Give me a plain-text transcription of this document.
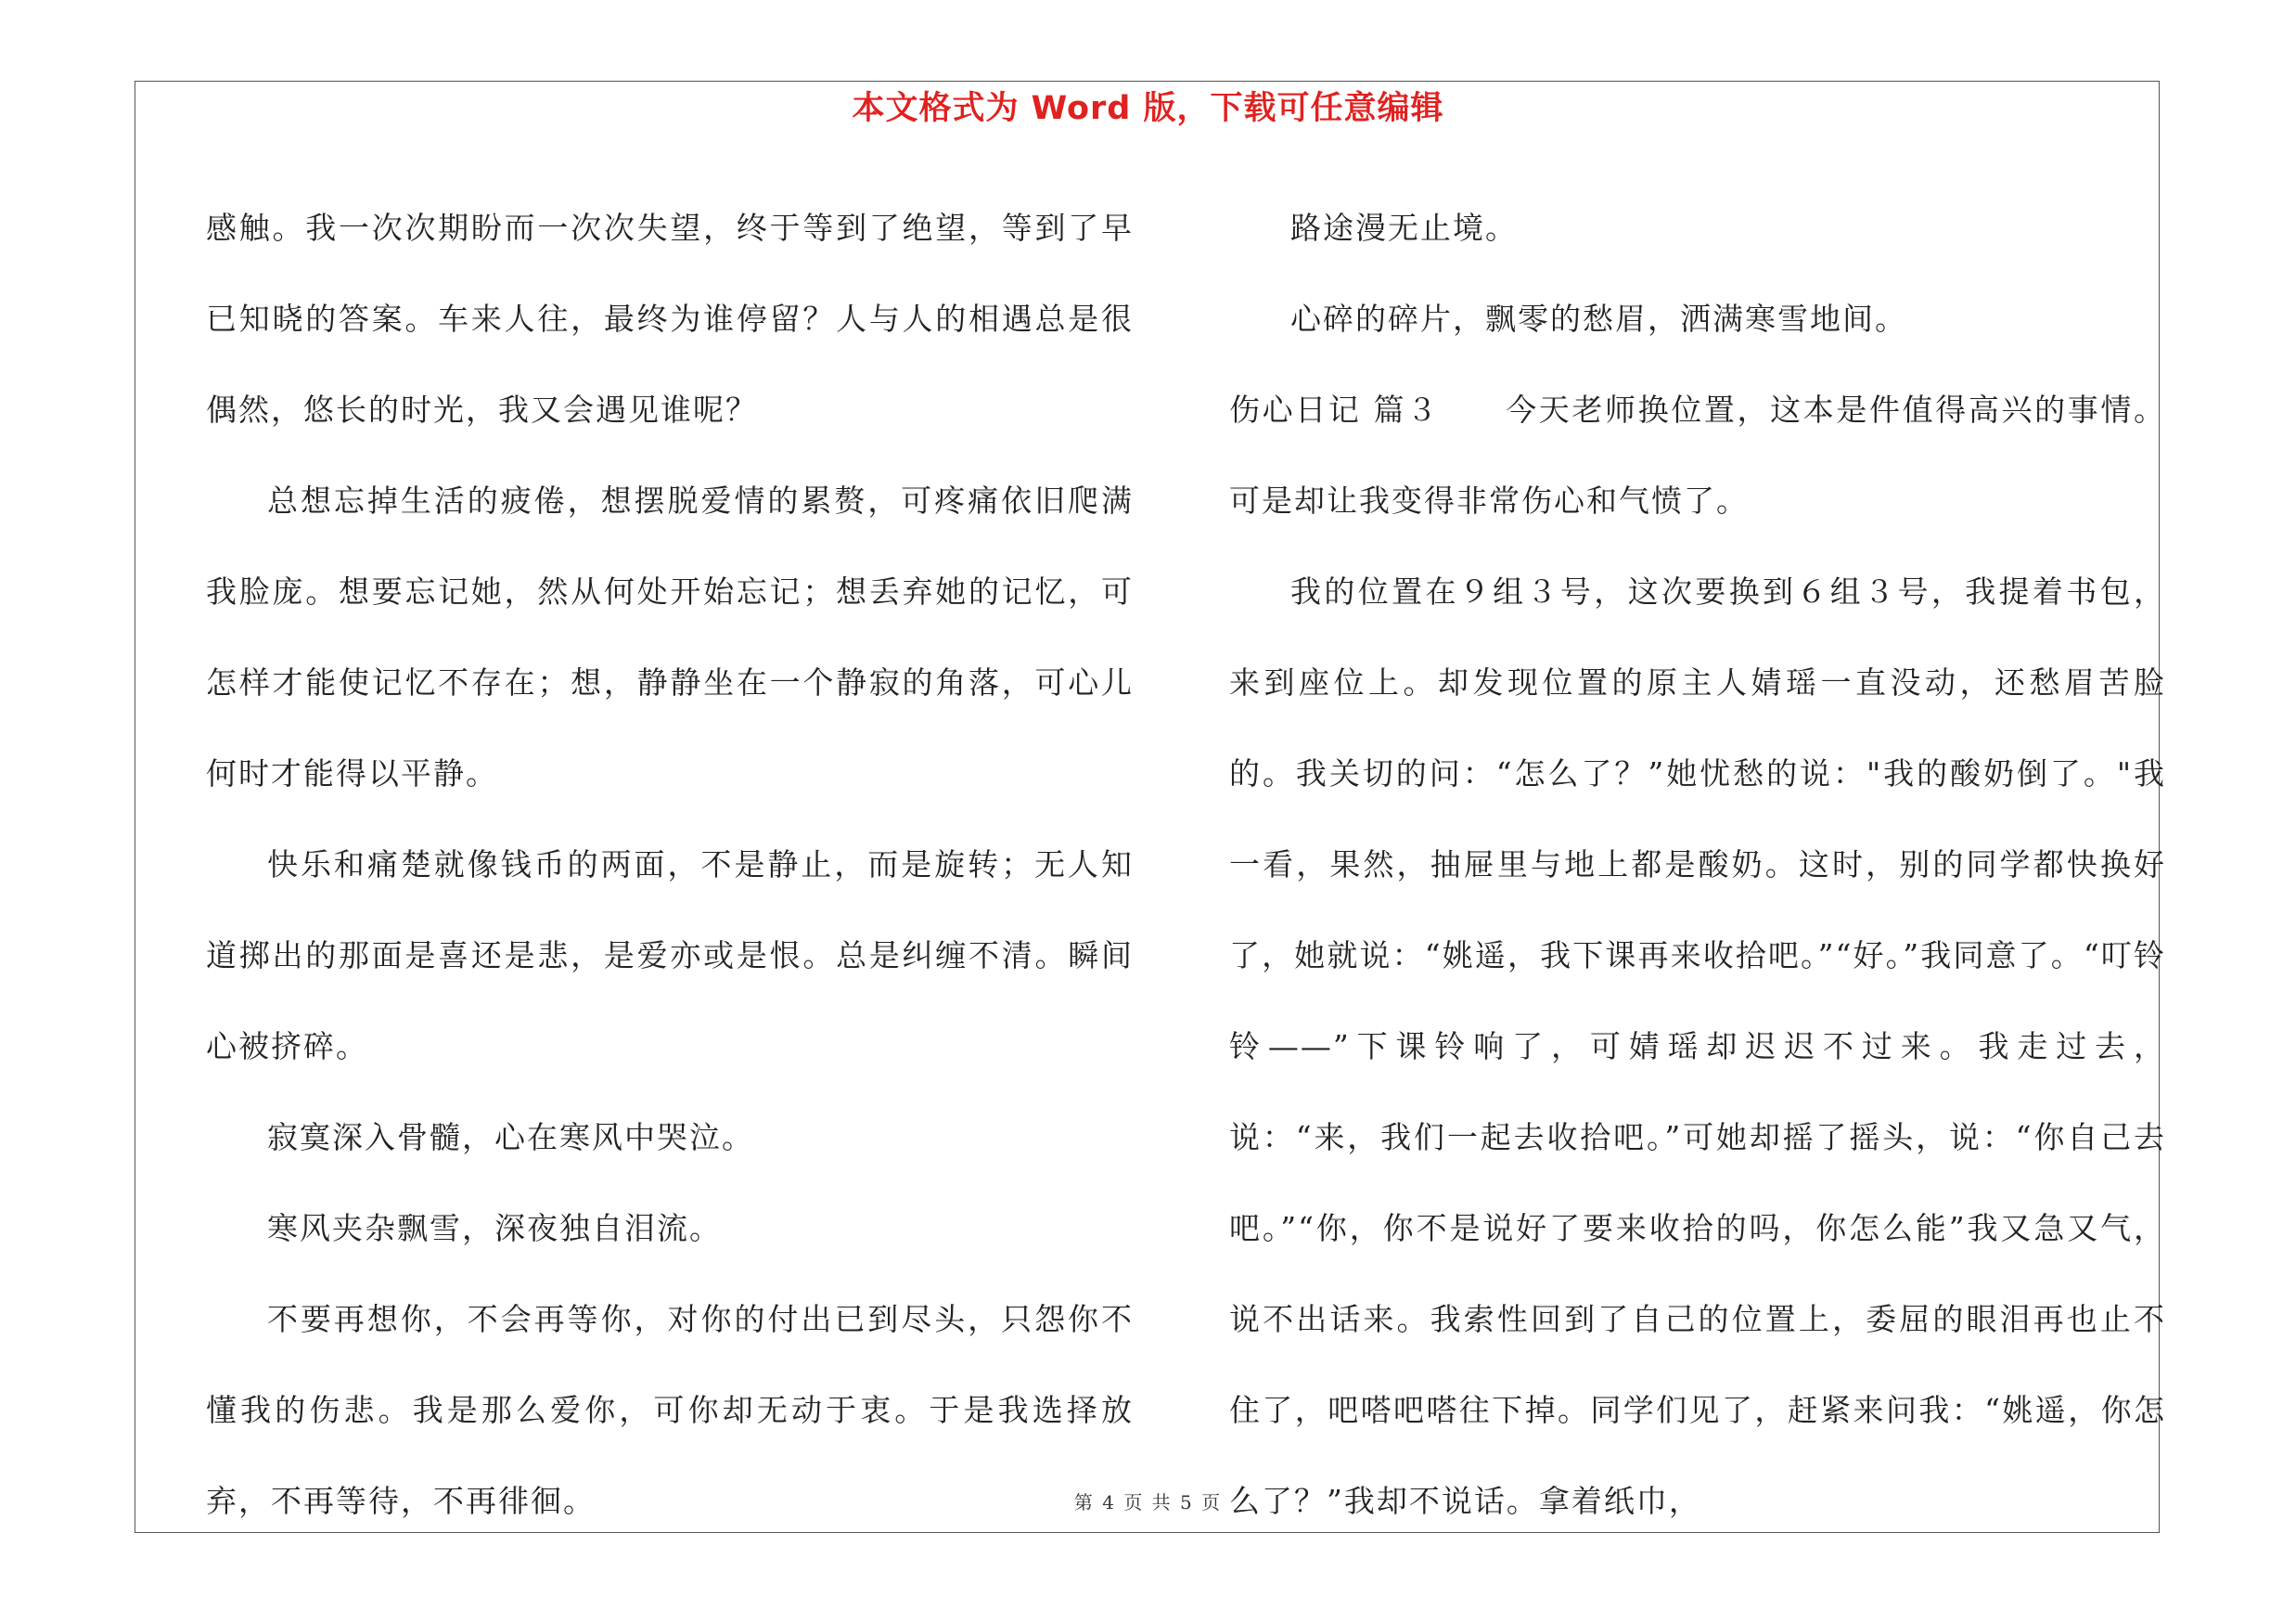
本文格式为 Word 版，下载可任意编辑

感触。我一次次期盼而一次次失望，终于等到了绝望，等到了早已知晓的答案。车来人往，最终为谁停留？人与人的相遇总是很偶然，悠长的时光，我又会遇见谁呢？

总想忘掉生活的疲倦，想摆脱爱情的累赘，可疼痛依旧爬满我脸庞。想要忘记她，然从何处开始忘记；想丢弃她的记忆，可怎样才能使记忆不存在；想，静静坐在一个静寂的角落，可心儿何时才能得以平静。

快乐和痛楚就像钱币的两面，不是静止，而是旋转；无人知道掷出的那面是喜还是悲，是爱亦或是恨。总是纠缠不清。瞬间心被挤碎。

寂寞深入骨髓，心在寒风中哭泣。

寒风夹杂飘雪，深夜独自泪流。

不要再想你，不会再等你，对你的付出已到尽头，只怨你不懂我的伤悲。我是那么爱你，可你却无动于衷。于是我选择放弃，不再等待，不再徘徊。

路途漫无止境。

心碎的碎片，飘零的愁眉，洒满寒雪地间。

伤心日记 篇３　　今天老师换位置，这本是件值得高兴的事情。可是却让我变得非常伤心和气愤了。

我的位置在９组３号，这次要换到６组３号，我提着书包，来到座位上。却发现位置的原主人婧瑶一直没动，还愁眉苦脸的。我关切的问：“怎么了？”她忧愁的说："我的酸奶倒了。"我一看，果然，抽屉里与地上都是酸奶。这时，别的同学都快换好了，她就说：“姚遥，我下课再来收拾吧。”“好。”我同意了。“叮铃铃——”下课铃响了，可婧瑶却迟迟不过来。我走过去，说：“来，我们一起去收拾吧。”可她却摇了摇头，说：“你自己去吧。”“你，你不是说好了要来收拾的吗，你怎么能”我又急又气，说不出话来。我索性回到了自己的位置上，委屈的眼泪再也止不住了，吧嗒吧嗒往下掉。同学们见了，赶紧来问我：“姚遥，你怎么了？”我却不说话。拿着纸巾，

第 4 页 共 5 页
